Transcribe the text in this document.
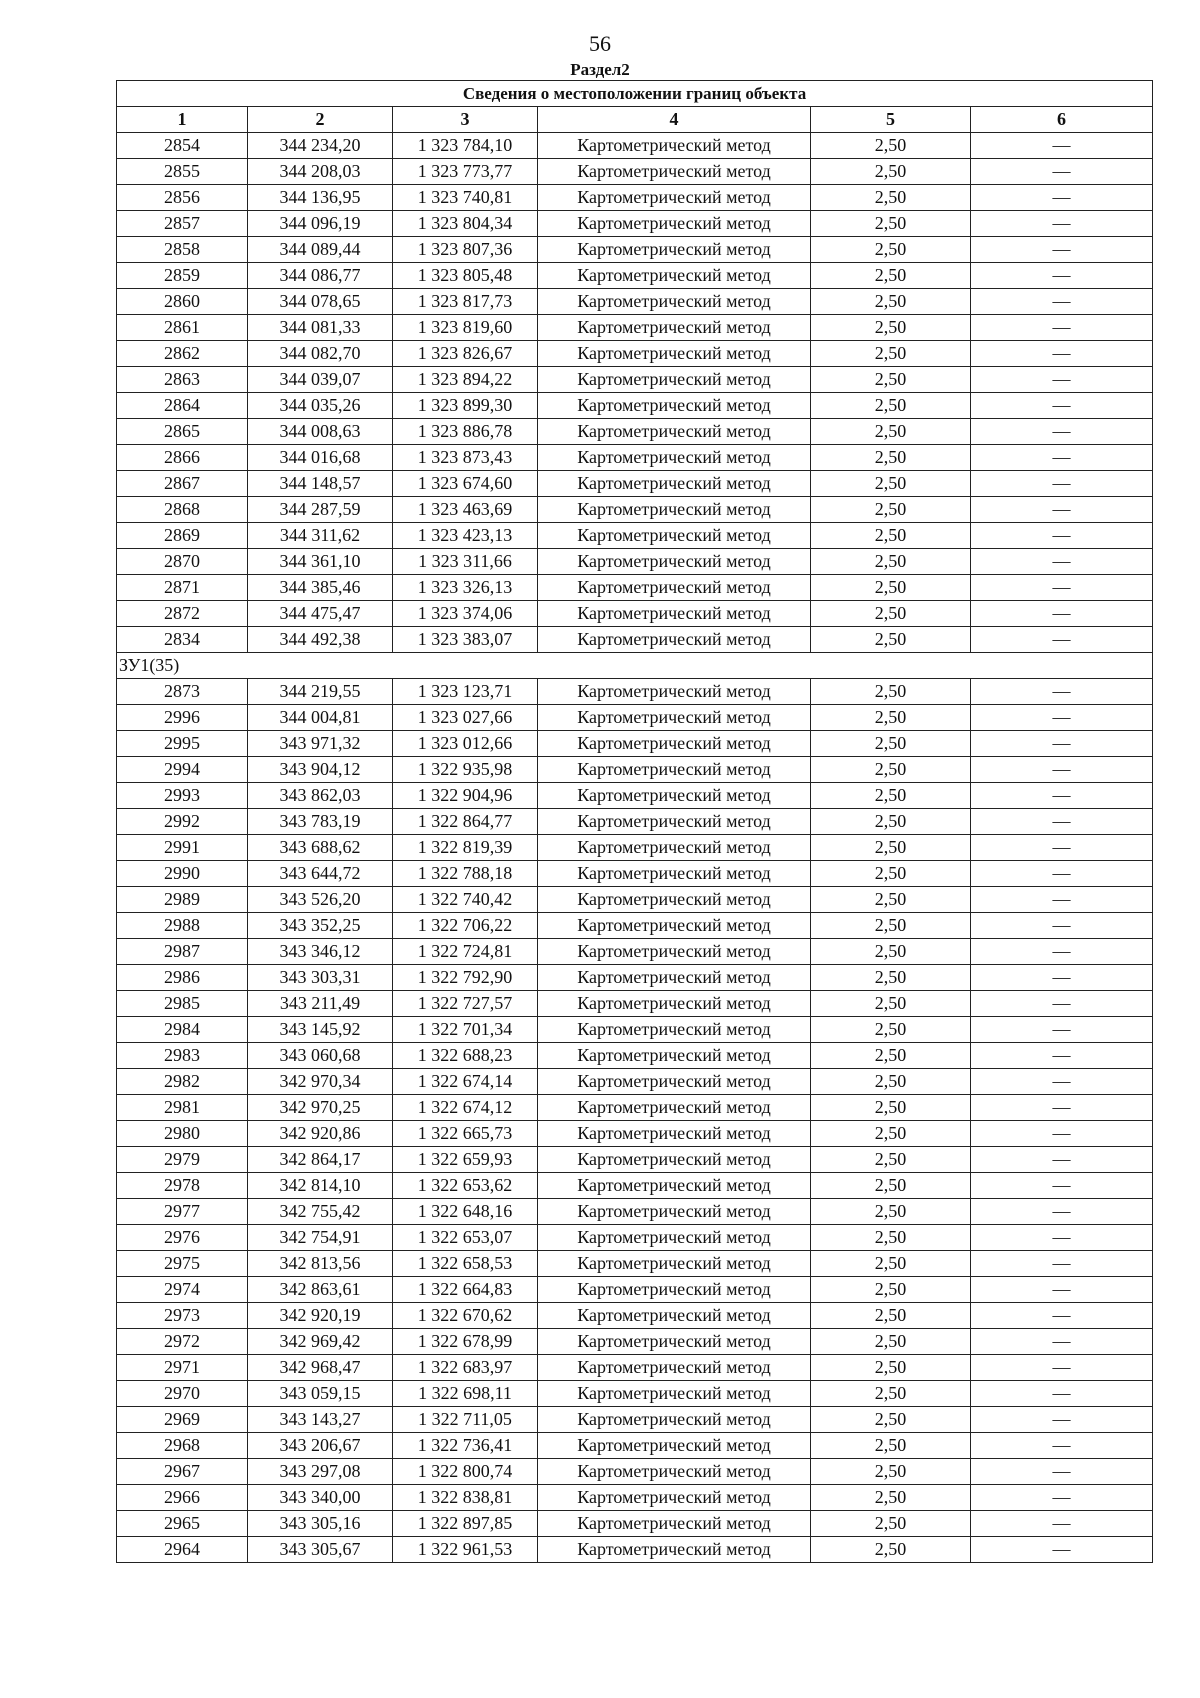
56
Раздел2
Сведения о местоположении границ объекта					
1	2	3	4	5	6
2854	344 234,20	1 323 784,10	Картометрический метод	2,50	—
2855	344 208,03	1 323 773,77	Картометрический метод	2,50	—
2856	344 136,95	1 323 740,81	Картометрический метод	2,50	—
2857	344 096,19	1 323 804,34	Картометрический метод	2,50	—
2858	344 089,44	1 323 807,36	Картометрический метод	2,50	—
2859	344 086,77	1 323 805,48	Картометрический метод	2,50	—
2860	344 078,65	1 323 817,73	Картометрический метод	2,50	—
2861	344 081,33	1 323 819,60	Картометрический метод	2,50	—
2862	344 082,70	1 323 826,67	Картометрический метод	2,50	—
2863	344 039,07	1 323 894,22	Картометрический метод	2,50	—
2864	344 035,26	1 323 899,30	Картометрический метод	2,50	—
2865	344 008,63	1 323 886,78	Картометрический метод	2,50	—
2866	344 016,68	1 323 873,43	Картометрический метод	2,50	—
2867	344 148,57	1 323 674,60	Картометрический метод	2,50	—
2868	344 287,59	1 323 463,69	Картометрический метод	2,50	—
2869	344 311,62	1 323 423,13	Картометрический метод	2,50	—
2870	344 361,10	1 323 311,66	Картометрический метод	2,50	—
2871	344 385,46	1 323 326,13	Картометрический метод	2,50	—
2872	344 475,47	1 323 374,06	Картометрический метод	2,50	—
2834	344 492,38	1 323 383,07	Картометрический метод	2,50	—
ЗУ1(35)					
2873	344 219,55	1 323 123,71	Картометрический метод	2,50	—
2996	344 004,81	1 323 027,66	Картометрический метод	2,50	—
2995	343 971,32	1 323 012,66	Картометрический метод	2,50	—
2994	343 904,12	1 322 935,98	Картометрический метод	2,50	—
2993	343 862,03	1 322 904,96	Картометрический метод	2,50	—
2992	343 783,19	1 322 864,77	Картометрический метод	2,50	—
2991	343 688,62	1 322 819,39	Картометрический метод	2,50	—
2990	343 644,72	1 322 788,18	Картометрический метод	2,50	—
2989	343 526,20	1 322 740,42	Картометрический метод	2,50	—
2988	343 352,25	1 322 706,22	Картометрический метод	2,50	—
2987	343 346,12	1 322 724,81	Картометрический метод	2,50	—
2986	343 303,31	1 322 792,90	Картометрический метод	2,50	—
2985	343 211,49	1 322 727,57	Картометрический метод	2,50	—
2984	343 145,92	1 322 701,34	Картометрический метод	2,50	—
2983	343 060,68	1 322 688,23	Картометрический метод	2,50	—
2982	342 970,34	1 322 674,14	Картометрический метод	2,50	—
2981	342 970,25	1 322 674,12	Картометрический метод	2,50	—
2980	342 920,86	1 322 665,73	Картометрический метод	2,50	—
2979	342 864,17	1 322 659,93	Картометрический метод	2,50	—
2978	342 814,10	1 322 653,62	Картометрический метод	2,50	—
2977	342 755,42	1 322 648,16	Картометрический метод	2,50	—
2976	342 754,91	1 322 653,07	Картометрический метод	2,50	—
2975	342 813,56	1 322 658,53	Картометрический метод	2,50	—
2974	342 863,61	1 322 664,83	Картометрический метод	2,50	—
2973	342 920,19	1 322 670,62	Картометрический метод	2,50	—
2972	342 969,42	1 322 678,99	Картометрический метод	2,50	—
2971	342 968,47	1 322 683,97	Картометрический метод	2,50	—
2970	343 059,15	1 322 698,11	Картометрический метод	2,50	—
2969	343 143,27	1 322 711,05	Картометрический метод	2,50	—
2968	343 206,67	1 322 736,41	Картометрический метод	2,50	—
2967	343 297,08	1 322 800,74	Картометрический метод	2,50	—
2966	343 340,00	1 322 838,81	Картометрический метод	2,50	—
2965	343 305,16	1 322 897,85	Картометрический метод	2,50	—
2964	343 305,67	1 322 961,53	Картометрический метод	2,50	—
